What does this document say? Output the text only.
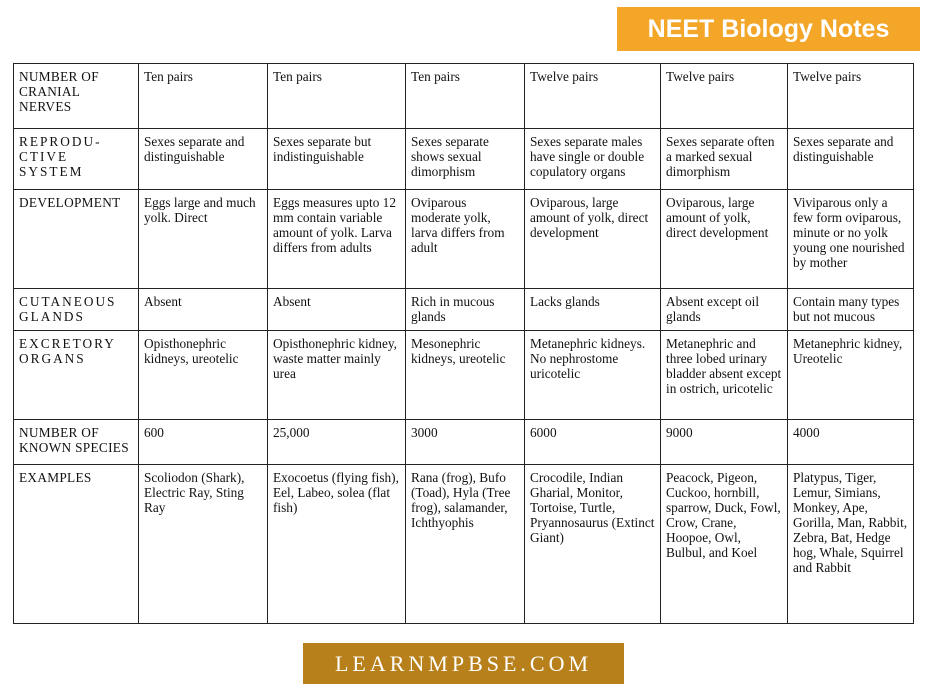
NEET Biology Notes
NUMBER OF CRANIAL NERVES	Ten pairs	Ten pairs	Ten pairs	Twelve pairs	Twelve pairs	Twelve pairs
REPRODU-CTIVE SYSTEM	Sexes separate and distinguishable	Sexes separate but indistinguishable	Sexes separate shows sexual dimorphism	Sexes separate males have single or double copulatory organs	Sexes separate often a marked sexual dimorphism	Sexes separate and distinguishable
DEVELOPMENT	Eggs large and much yolk. Direct	Eggs measures upto 12 mm contain variable amount of yolk. Larva differs from adults	Oviparous moderate yolk, larva differs from adult	Oviparous, large amount of yolk, direct development	Oviparous, large amount of yolk, direct development	Viviparous only a few form oviparous, minute or no yolk young one nourished by mother
CUTANEOUS GLANDS	Absent	Absent	Rich in mucous glands	Lacks glands	Absent except oil glands	Contain many types but not mucous
EXCRETORY ORGANS	Opisthonephric kidneys, ureotelic	Opisthonephric kidney, waste matter mainly urea	Mesonephric kidneys, ureotelic	Metanephric kidneys. No nephrostome uricotelic	Metanephric and three lobed urinary bladder absent except in ostrich, uricotelic	Metanephric kidney, Ureotelic
NUMBER OF KNOWN SPECIES	600	25,000	3000	6000	9000	4000
EXAMPLES	Scoliodon (Shark), Electric Ray, Sting Ray	Exocoetus (flying fish), Eel, Labeo, solea (flat fish)	Rana (frog), Bufo (Toad), Hyla (Tree frog), salamander, Ichthyophis	Crocodile, Indian Gharial, Monitor, Tortoise, Turtle, Pryannosaurus (Extinct Giant)	Peacock, Pigeon, Cuckoo, hornbill, sparrow, Duck, Fowl, Crow, Crane, Hoopoe, Owl, Bulbul, and Koel	Platypus, Tiger, Lemur, Simians, Monkey, Ape, Gorilla, Man, Rabbit, Zebra, Bat, Hedge hog, Whale, Squirrel and Rabbit
LEARNMPBSE.COM
